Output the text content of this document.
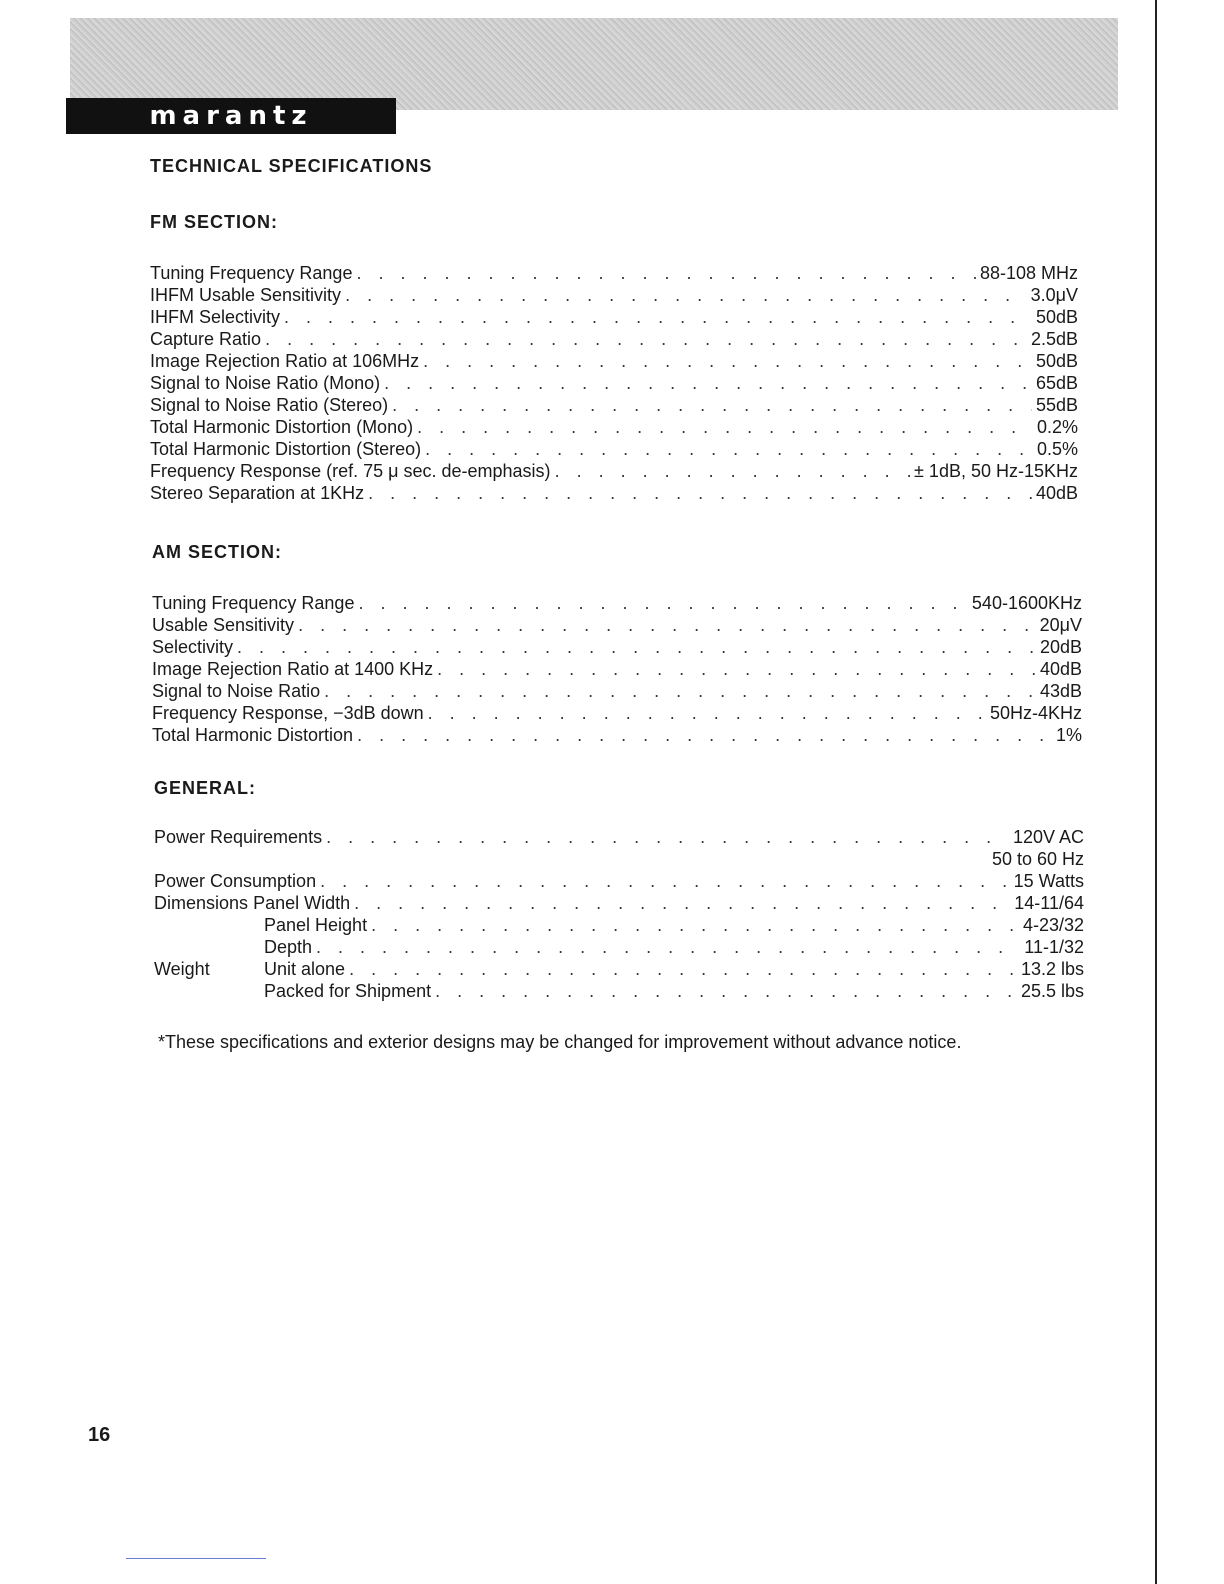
marantz
TECHNICAL SPECIFICATIONS
FM SECTION:
Tuning Frequency Range . . .	88-108 MHz
IHFM Usable Sensitivity . . .	3.0μV
IHFM Selectivity . . .	50dB
Capture Ratio . . .	2.5dB
Image Rejection Ratio at 106MHz . . .	50dB
Signal to Noise Ratio (Mono) . . .	65dB
Signal to Noise Ratio (Stereo) . . .	55dB
Total Harmonic Distortion (Mono) . . .	0.2%
Total Harmonic Distortion (Stereo) . . .	0.5%
Frequency Response (ref. 75 μ sec. de-emphasis) . . .	± 1dB, 50 Hz-15KHz
Stereo Separation at 1KHz . . .	40dB
AM SECTION:
Tuning Frequency Range . . .	540-1600KHz
Usable Sensitivity . . .	20μV
Selectivity . . .	20dB
Image Rejection Ratio at 1400 KHz . . .	40dB
Signal to Noise Ratio . . .	43dB
Frequency Response, −3dB down . . .	50Hz-4KHz
Total Harmonic Distortion . . .	1%
GENERAL:
Power Requirements . . .	120V AC
50 to 60 Hz
Power Consumption . . .	15 Watts
Dimensions Panel Width . . .	14-11/64
Panel Height . . .	4-23/32
Depth . . .	11-1/32
Weight	Unit alone . . .	13.2 lbs
Packed for Shipment . . .	25.5 lbs

*These specifications and exterior designs may be changed for improvement without advance notice.

16
